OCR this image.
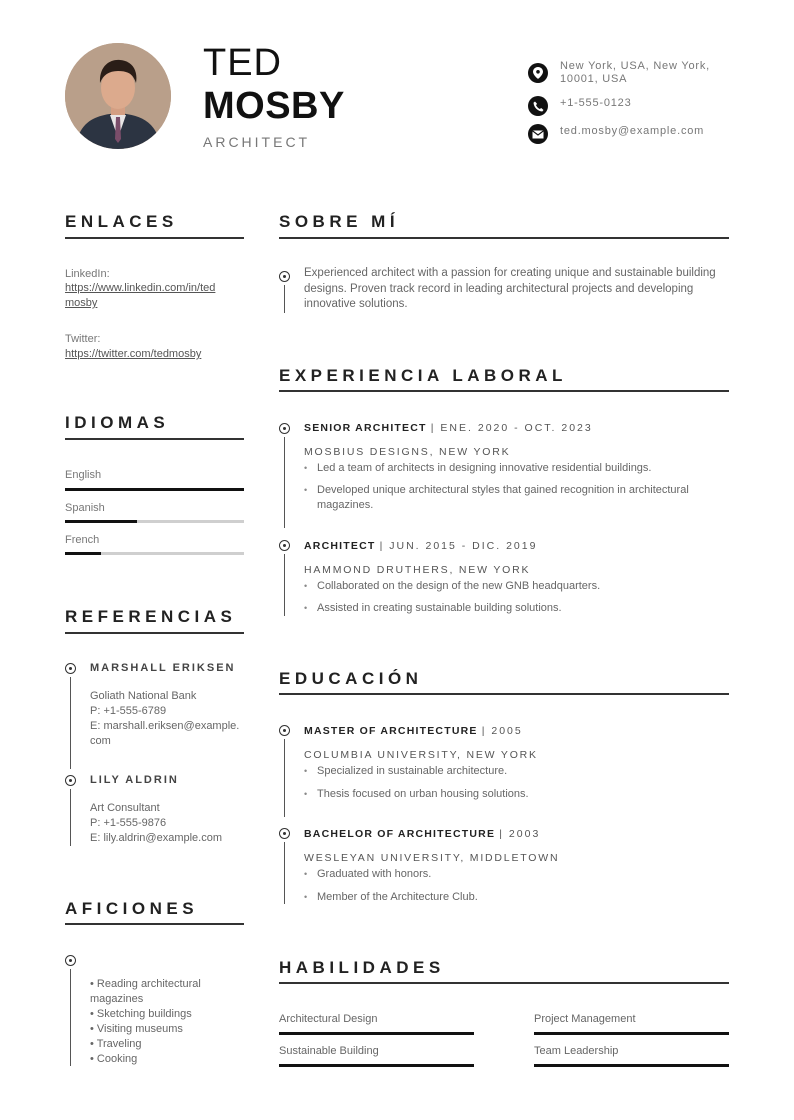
TED
MOSBY
ARCHITECT
New York, USA, New York, 10001, USA
+1-555-0123
ted.mosby@example.com
ENLACES
LinkedIn:
https://www.linkedin.com/in/ted mosby
Twitter:
https://twitter.com/tedmosby
IDIOMAS
English
Spanish
French
REFERENCIAS
MARSHALL ERIKSEN
Goliath National Bank
P: +1-555-6789
E: marshall.eriksen@example.com
LILY ALDRIN
Art Consultant
P: +1-555-9876
E: lily.aldrin@example.com
AFICIONES
• Reading architectural magazines
• Sketching buildings
• Visiting museums
• Traveling
• Cooking
SOBRE MÍ
Experienced architect with a passion for creating unique and sustainable building designs. Proven track record in leading architectural projects and developing innovative solutions.
EXPERIENCIA LABORAL
SENIOR ARCHITECT | ENE. 2020 - OCT. 2023
MOSBIUS DESIGNS, NEW YORK
• Led a team of architects in designing innovative residential buildings.
• Developed unique architectural styles that gained recognition in architectural magazines.
ARCHITECT | JUN. 2015 - DIC. 2019
HAMMOND DRUTHERS, NEW YORK
• Collaborated on the design of the new GNB headquarters.
• Assisted in creating sustainable building solutions.
EDUCACIÓN
MASTER OF ARCHITECTURE | 2005
COLUMBIA UNIVERSITY, NEW YORK
• Specialized in sustainable architecture.
• Thesis focused on urban housing solutions.
BACHELOR OF ARCHITECTURE | 2003
WESLEYAN UNIVERSITY, MIDDLETOWN
• Graduated with honors.
• Member of the Architecture Club.
HABILIDADES
Architectural Design	Project Management
Sustainable Building	Team Leadership
